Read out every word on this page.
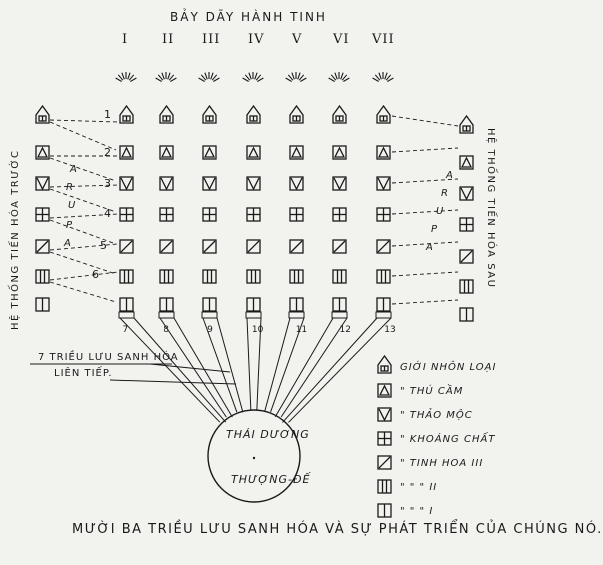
1
2
3
4
5
6
A
R
U
P
A
A
R
U
P
A
7	8	9	10	11	12	13
BẢY DÃY HÀNH TINH
I	II III IV V VI VII
HỆ THỐNG TIẾN HÓA TRƯỚC	HỆ THỐNG TIẾN HÓA SAU
7 TRIỀU LƯU SANH HÓA
LIÊN TIẾP.
THÁI DƯƠNG
THƯỢNG-ĐẾ
GIỚI NHÔN LOẠI
" THÚ CẦM
" THẢO MỘC
" KHOÁNG CHẤT
" TINH HOA III
" " " II
" " " I
MƯỜI BA TRIỀU LƯU SANH HÓA VÀ SỰ PHÁT TRIỂN CỦA CHÚNG NÓ.
